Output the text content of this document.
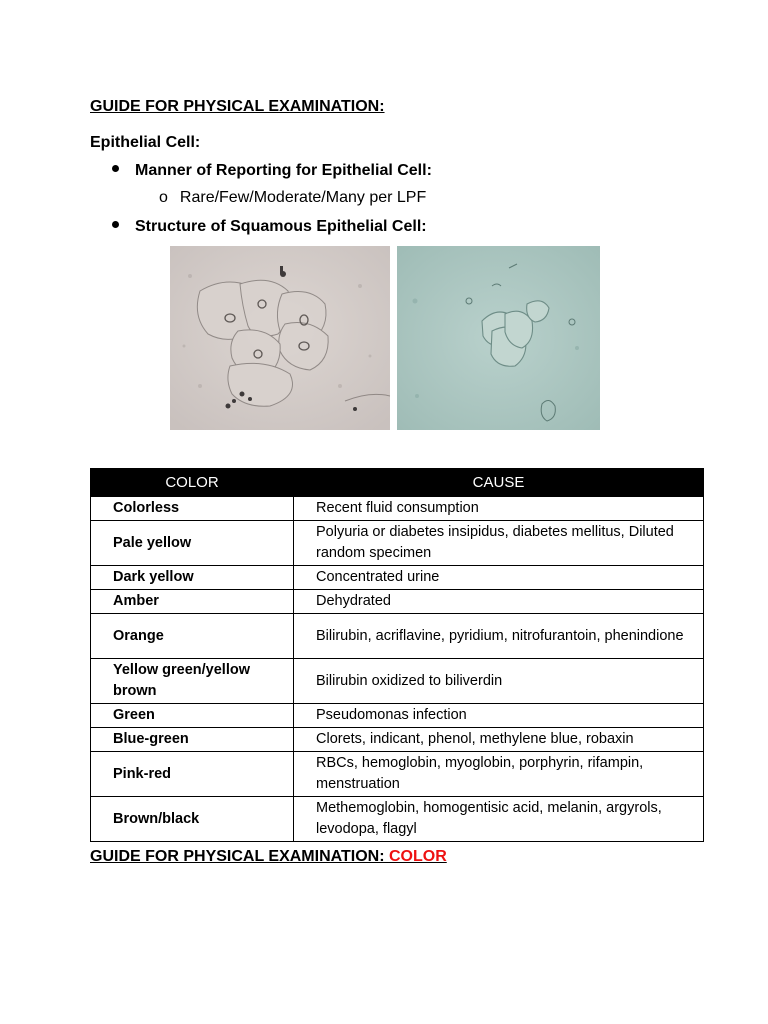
GUIDE FOR PHYSICAL EXAMINATION:
Epithelial Cell:
Manner of Reporting for Epithelial Cell:
o Rare/Few/Moderate/Many per LPF
Structure of Squamous Epithelial Cell:
COLOR	CAUSE
Colorless	Recent fluid consumption
Pale yellow	Polyuria or diabetes insipidus, diabetes mellitus, Diluted random specimen
Dark yellow	Concentrated urine
Amber	Dehydrated
Orange	Bilirubin, acriflavine, pyridium, nitrofurantoin, phenindione
Yellow green/yellow brown	Bilirubin oxidized to biliverdin
Green	Pseudomonas infection
Blue-green	Clorets, indicant, phenol, methylene blue, robaxin
Pink-red	RBCs, hemoglobin, myoglobin, porphyrin, rifampin, menstruation
Brown/black	Methemoglobin, homogentisic acid, melanin, argyrols, levodopa, flagyl
GUIDE FOR PHYSICAL EXAMINATION: COLOR
